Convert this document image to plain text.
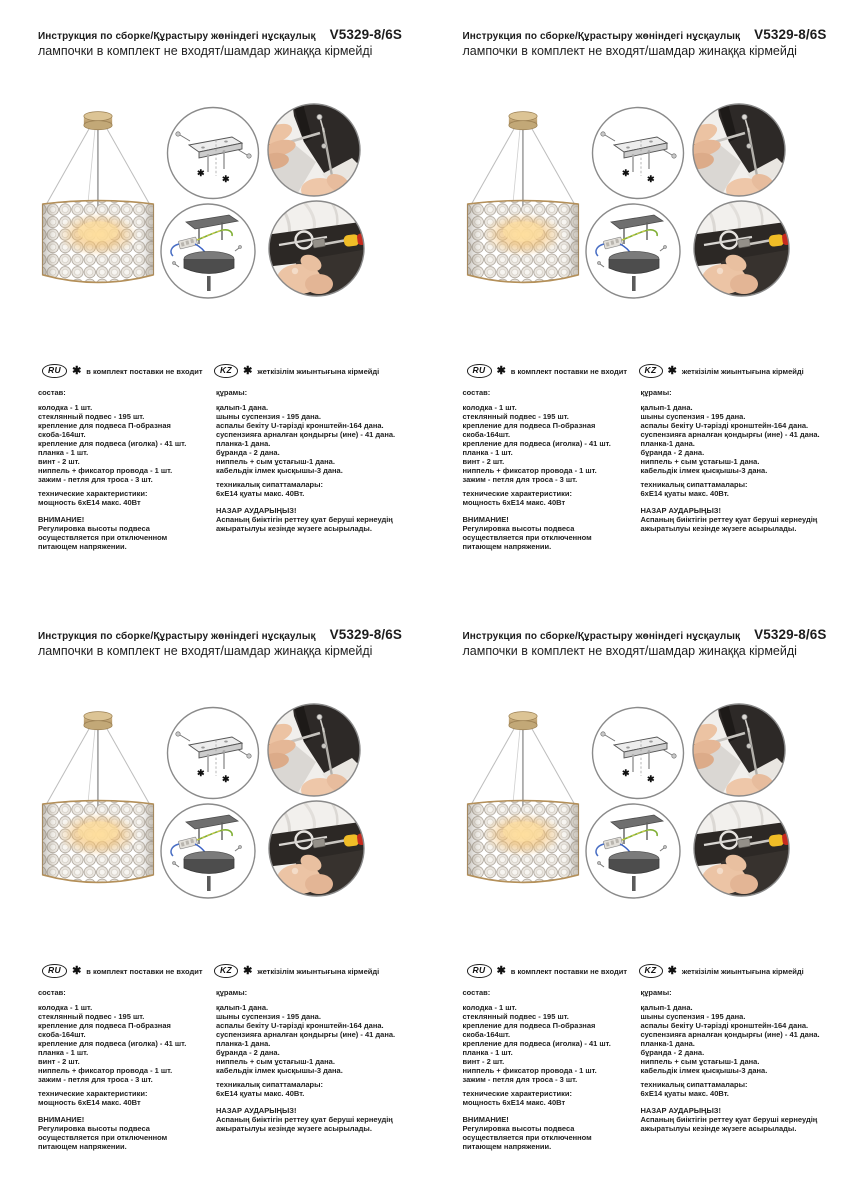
Инструкция по сборке/Құрастыру жөніндегі нұсқаулық V5329-8/6S
лампочки в комплект не входят/шамдар жинаққа кірмейді
✱
✱
RU	✱ в комплект поставки не входит	KZ	✱ жеткізілім жиынтығына кірмейді
состав:
колодка - 1 шт.
стеклянный подвес - 195 шт.
крепление для подвеса П-образная скоба-164шт.
крепление для подвеса (иголка) - 41 шт.
планка - 1 шт.
винт - 2 шт.
ниппель + фиксатор провода - 1 шт.
зажим - петля для троса - 3 шт.
технические характеристики:
мощность 6хЕ14 макс. 40Вт
ВНИМАНИЕ!
Регулировка высоты подвеса осуществляется при отключенном питающем напряжении.
құрамы:
қалып-1 дана.
шыны суспензия - 195 дана.
аспалы бекіту U-тәрізді кронштейн-164 дана.
суспензияға арналған қондырғы (ине) - 41 дана.
планка-1 дана.
бұранда - 2 дана.
ниппель + сым ұстағыш-1 дана.
кабельдік ілмек қысқышы-3 дана.
техникалық сипаттамалары:
6хЕ14 қуаты макс. 40Вт.
НАЗАР АУДАРЫҢЫЗ!
Аспаның биіктігін реттеу қуат беруші кернеудің ажыратылуы кезінде жүзеге асырылады.
Инструкция по сборке/Құрастыру жөніндегі нұсқаулық V5329-8/6S
лампочки в комплект не входят/шамдар жинаққа кірмейді
✱
✱
RU	✱ в комплект поставки не входит	KZ	✱ жеткізілім жиынтығына кірмейді
состав:
колодка - 1 шт.
стеклянный подвес - 195 шт.
крепление для подвеса П-образная скоба-164шт.
крепление для подвеса (иголка) - 41 шт.
планка - 1 шт.
винт - 2 шт.
ниппель + фиксатор провода - 1 шт.
зажим - петля для троса - 3 шт.
технические характеристики:
мощность 6хЕ14 макс. 40Вт
ВНИМАНИЕ!
Регулировка высоты подвеса осуществляется при отключенном питающем напряжении.
құрамы:
қалып-1 дана.
шыны суспензия - 195 дана.
аспалы бекіту U-тәрізді кронштейн-164 дана.
суспензияға арналған қондырғы (ине) - 41 дана.
планка-1 дана.
бұранда - 2 дана.
ниппель + сым ұстағыш-1 дана.
кабельдік ілмек қысқышы-3 дана.
техникалық сипаттамалары:
6хЕ14 қуаты макс. 40Вт.
НАЗАР АУДАРЫҢЫЗ!
Аспаның биіктігін реттеу қуат беруші кернеудің ажыратылуы кезінде жүзеге асырылады.
Инструкция по сборке/Құрастыру жөніндегі нұсқаулық V5329-8/6S
лампочки в комплект не входят/шамдар жинаққа кірмейді
✱
✱
RU	✱ в комплект поставки не входит	KZ	✱ жеткізілім жиынтығына кірмейді
состав:
колодка - 1 шт.
стеклянный подвес - 195 шт.
крепление для подвеса П-образная скоба-164шт.
крепление для подвеса (иголка) - 41 шт.
планка - 1 шт.
винт - 2 шт.
ниппель + фиксатор провода - 1 шт.
зажим - петля для троса - 3 шт.
технические характеристики:
мощность 6хЕ14 макс. 40Вт
ВНИМАНИЕ!
Регулировка высоты подвеса осуществляется при отключенном питающем напряжении.
құрамы:
қалып-1 дана.
шыны суспензия - 195 дана.
аспалы бекіту U-тәрізді кронштейн-164 дана.
суспензияға арналған қондырғы (ине) - 41 дана.
планка-1 дана.
бұранда - 2 дана.
ниппель + сым ұстағыш-1 дана.
кабельдік ілмек қысқышы-3 дана.
техникалық сипаттамалары:
6хЕ14 қуаты макс. 40Вт.
НАЗАР АУДАРЫҢЫЗ!
Аспаның биіктігін реттеу қуат беруші кернеудің ажыратылуы кезінде жүзеге асырылады.
Инструкция по сборке/Құрастыру жөніндегі нұсқаулық V5329-8/6S
лампочки в комплект не входят/шамдар жинаққа кірмейді
✱
✱
RU	✱ в комплект поставки не входит	KZ	✱ жеткізілім жиынтығына кірмейді
состав:
колодка - 1 шт.
стеклянный подвес - 195 шт.
крепление для подвеса П-образная скоба-164шт.
крепление для подвеса (иголка) - 41 шт.
планка - 1 шт.
винт - 2 шт.
ниппель + фиксатор провода - 1 шт.
зажим - петля для троса - 3 шт.
технические характеристики:
мощность 6хЕ14 макс. 40Вт
ВНИМАНИЕ!
Регулировка высоты подвеса осуществляется при отключенном питающем напряжении.
құрамы:
қалып-1 дана.
шыны суспензия - 195 дана.
аспалы бекіту U-тәрізді кронштейн-164 дана.
суспензияға арналған қондырғы (ине) - 41 дана.
планка-1 дана.
бұранда - 2 дана.
ниппель + сым ұстағыш-1 дана.
кабельдік ілмек қысқышы-3 дана.
техникалық сипаттамалары:
6хЕ14 қуаты макс. 40Вт.
НАЗАР АУДАРЫҢЫЗ!
Аспаның биіктігін реттеу қуат беруші кернеудің ажыратылуы кезінде жүзеге асырылады.
